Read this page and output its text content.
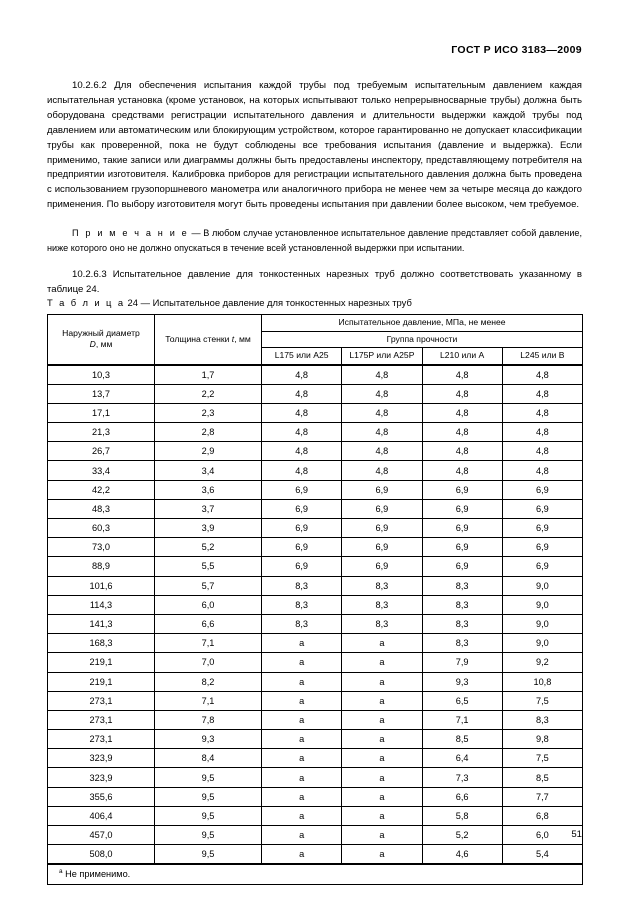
ГОСТ Р ИСО 3183—2009

10.2.6.2 Для обеспечения испытания каждой трубы под требуемым испытательным давлением каждая испытательная установка (кроме установок, на которых испытывают только непрерывносварные трубы) должна быть оборудована средствами регистрации испытательного давления и длительности выдержки каждой трубы под давлением или автоматическим или блокирующим устройством, которое гарантированно не допускает классификации трубы как проверенной, пока не будут соблюдены все требования испытания (давление и выдержка). Если применимо, такие записи или диаграммы должны быть предоставлены инспектору, представляющему потребителя на предприятии изготовителя. Калибровка приборов для регистрации испытательного давления должна быть проведена с использованием грузопоршневого манометра или аналогичного прибора не менее чем за четыре месяца до каждого применения. По выбору изготовителя могут быть проведены испытания при давлении более высоком, чем требуемое.

П р и м е ч а н и е — В любом случае установленное испытательное давление представляет собой давление, ниже которого оно не должно опускаться в течение всей установленной выдержки при испытании.

10.2.6.3 Испытательное давление для тонкостенных нарезных труб должно соответствовать указанному в таблице 24.

Т а б л и ц а 24 — Испытательное давление для тонкостенных нарезных труб
Наружный диаметр
D, мм	Толщина стенки t, мм	Испытательное давление, МПа, не менее			
		Группа прочности			
		L175 или A25	L175P или A25P	L210 или A	L245 или B
10,3	1,7	4,8	4,8	4,8	4,8
13,7	2,2	4,8	4,8	4,8	4,8
17,1	2,3	4,8	4,8	4,8	4,8
21,3	2,8	4,8	4,8	4,8	4,8
26,7	2,9	4,8	4,8	4,8	4,8
33,4	3,4	4,8	4,8	4,8	4,8
42,2	3,6	6,9	6,9	6,9	6,9
48,3	3,7	6,9	6,9	6,9	6,9
60,3	3,9	6,9	6,9	6,9	6,9
73,0	5,2	6,9	6,9	6,9	6,9
88,9	5,5	6,9	6,9	6,9	6,9
101,6	5,7	8,3	8,3	8,3	9,0
114,3	6,0	8,3	8,3	8,3	9,0
141,3	6,6	8,3	8,3	8,3	9,0
168,3	7,1	a	a	8,3	9,0
219,1	7,0	a	a	7,9	9,2
219,1	8,2	a	a	9,3	10,8
273,1	7,1	a	a	6,5	7,5
273,1	7,8	a	a	7,1	8,3
273,1	9,3	a	a	8,5	9,8
323,9	8,4	a	a	6,4	7,5
323,9	9,5	a	a	7,3	8,5
355,6	9,5	a	a	6,6	7,7
406,4	9,5	a	a	5,8	6,8
457,0	9,5	a	a	5,2	6,0
508,0	9,5	a	a	4,6	5,4
$^a$ Не применимо.					
51
